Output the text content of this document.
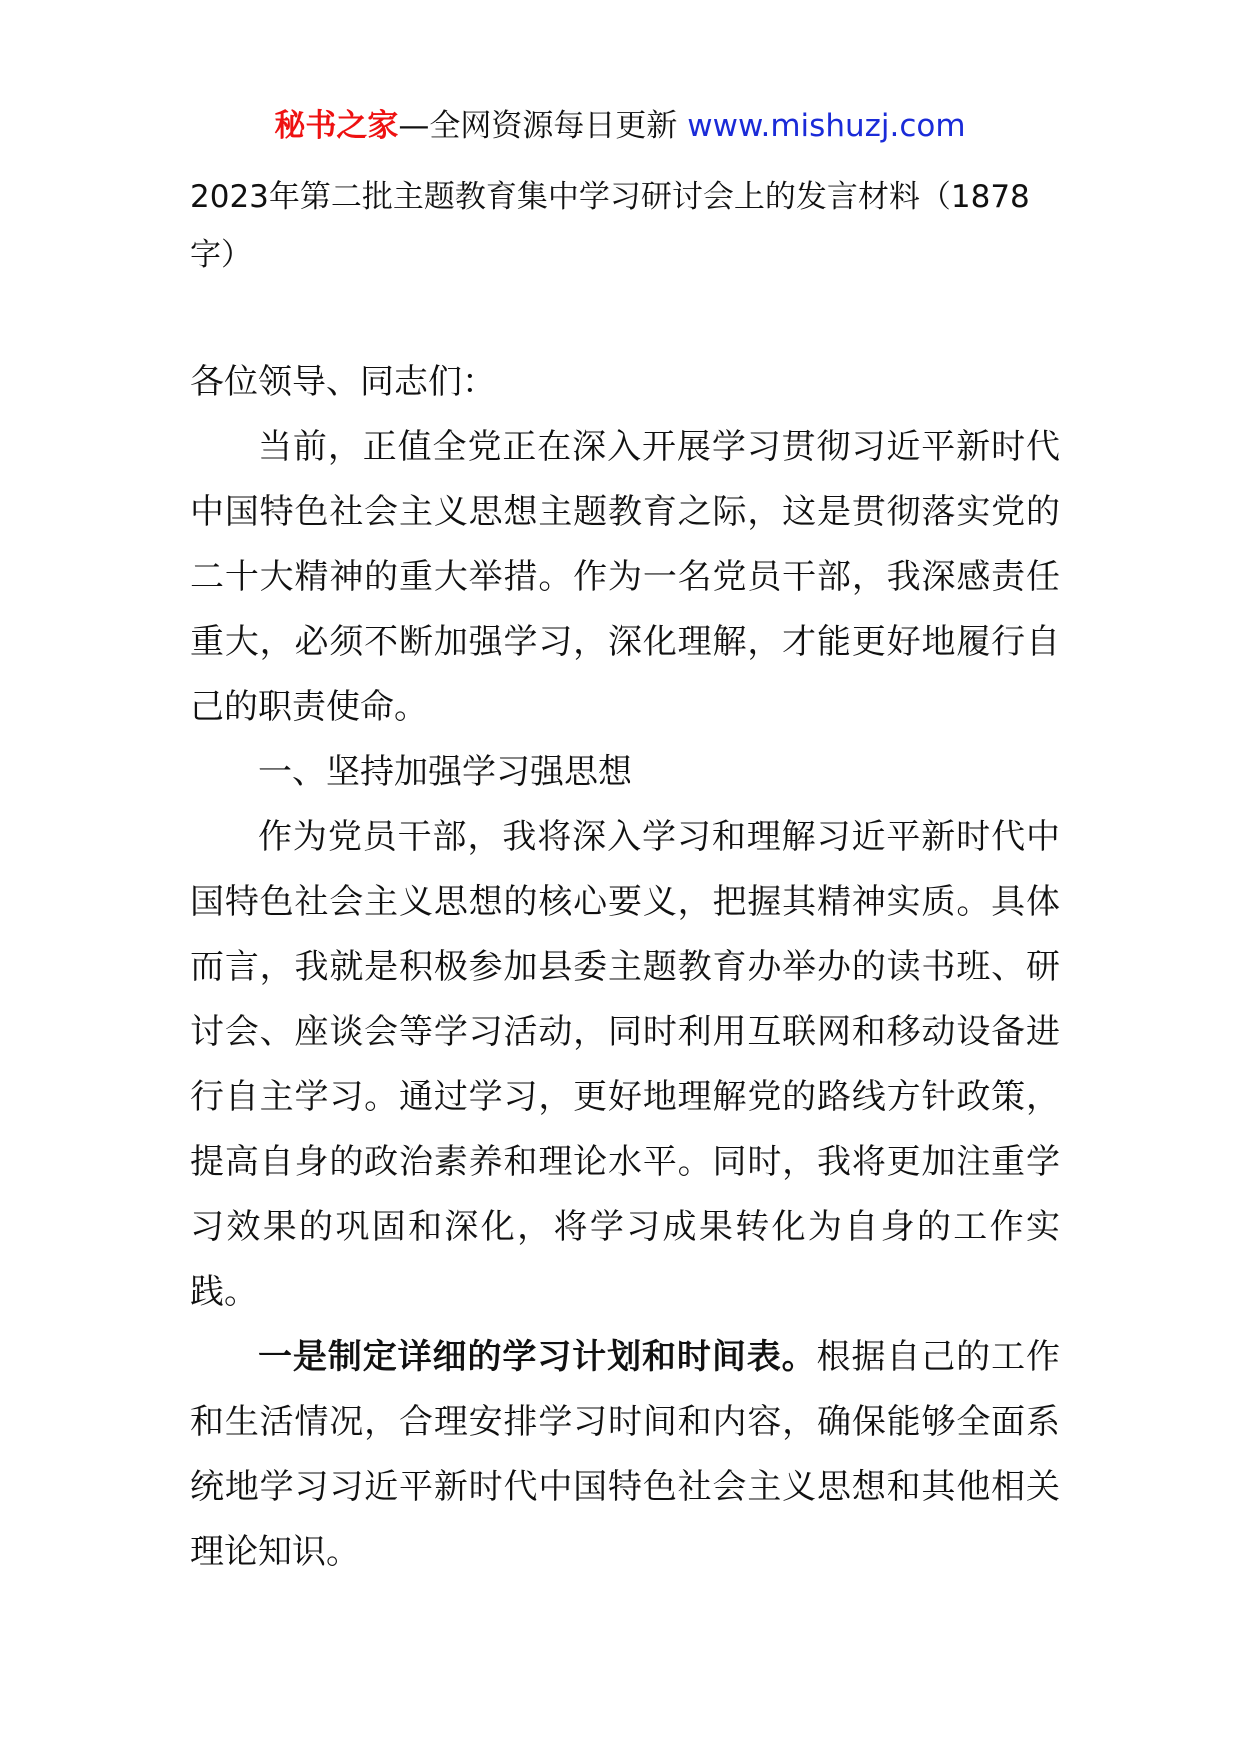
秘书之家—全网资源每日更新 www.mishuzj.com

2023年第二批主题教育集中学习研讨会上的发言材料（1878字）

各位领导、同志们：

当前，正值全党正在深入开展学习贯彻习近平新时代中国特色社会主义思想主题教育之际，这是贯彻落实党的二十大精神的重大举措。作为一名党员干部，我深感责任重大，必须不断加强学习，深化理解，才能更好地履行自己的职责使命。

一、坚持加强学习强思想

作为党员干部，我将深入学习和理解习近平新时代中国特色社会主义思想的核心要义，把握其精神实质。具体而言，我就是积极参加县委主题教育办举办的读书班、研讨会、座谈会等学习活动，同时利用互联网和移动设备进行自主学习。通过学习，更好地理解党的路线方针政策，提高自身的政治素养和理论水平。同时，我将更加注重学习效果的巩固和深化，将学习成果转化为自身的工作实践。

一是制定详细的学习计划和时间表。根据自己的工作和生活情况，合理安排学习时间和内容，确保能够全面系统地学习习近平新时代中国特色社会主义思想和其他相关理论知识。
